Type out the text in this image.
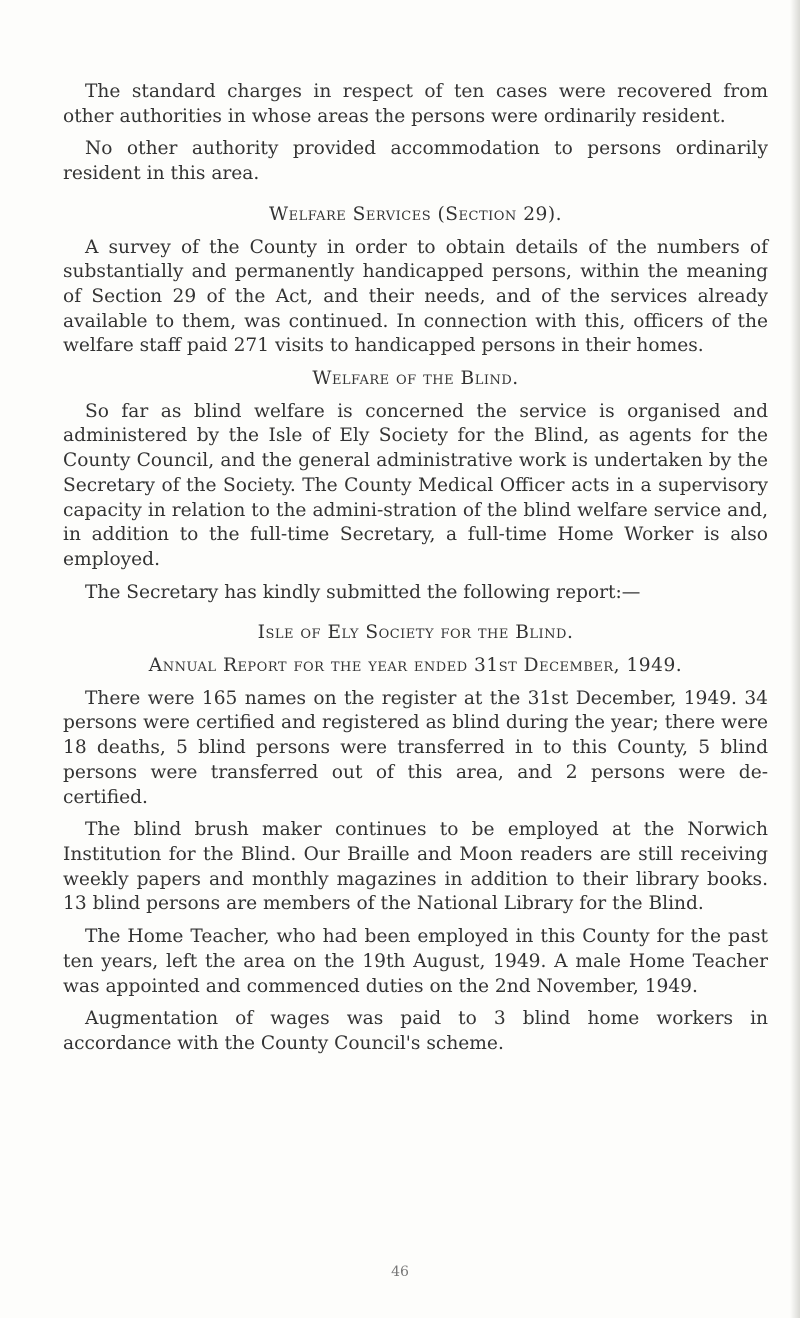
The standard charges in respect of ten cases were recovered from other authorities in whose areas the persons were ordinarily resident.

No other authority provided accommodation to persons ordinarily resident in this area.

Welfare Services (Section 29).

A survey of the County in order to obtain details of the numbers of substantially and permanently handicapped persons, within the meaning of Section 29 of the Act, and their needs, and of the services already available to them, was continued. In connection with this, officers of the welfare staff paid 271 visits to handicapped persons in their homes.

Welfare of the Blind.

So far as blind welfare is concerned the service is organised and administered by the Isle of Ely Society for the Blind, as agents for the County Council, and the general administrative work is undertaken by the Secretary of the Society. The County Medical Officer acts in a supervisory capacity in relation to the admini-stration of the blind welfare service and, in addition to the full-time Secretary, a full-time Home Worker is also employed.

The Secretary has kindly submitted the following report:—

Isle of Ely Society for the Blind.
Annual Report for the year ended 31st December, 1949.

There were 165 names on the register at the 31st December, 1949. 34 persons were certified and registered as blind during the year; there were 18 deaths, 5 blind persons were transferred in to this County, 5 blind persons were transferred out of this area, and 2 persons were de-certified.

The blind brush maker continues to be employed at the Norwich Institution for the Blind. Our Braille and Moon readers are still receiving weekly papers and monthly magazines in addition to their library books. 13 blind persons are members of the National Library for the Blind.

The Home Teacher, who had been employed in this County for the past ten years, left the area on the 19th August, 1949. A male Home Teacher was appointed and commenced duties on the 2nd November, 1949.

Augmentation of wages was paid to 3 blind home workers in accordance with the County Council's scheme.

46
